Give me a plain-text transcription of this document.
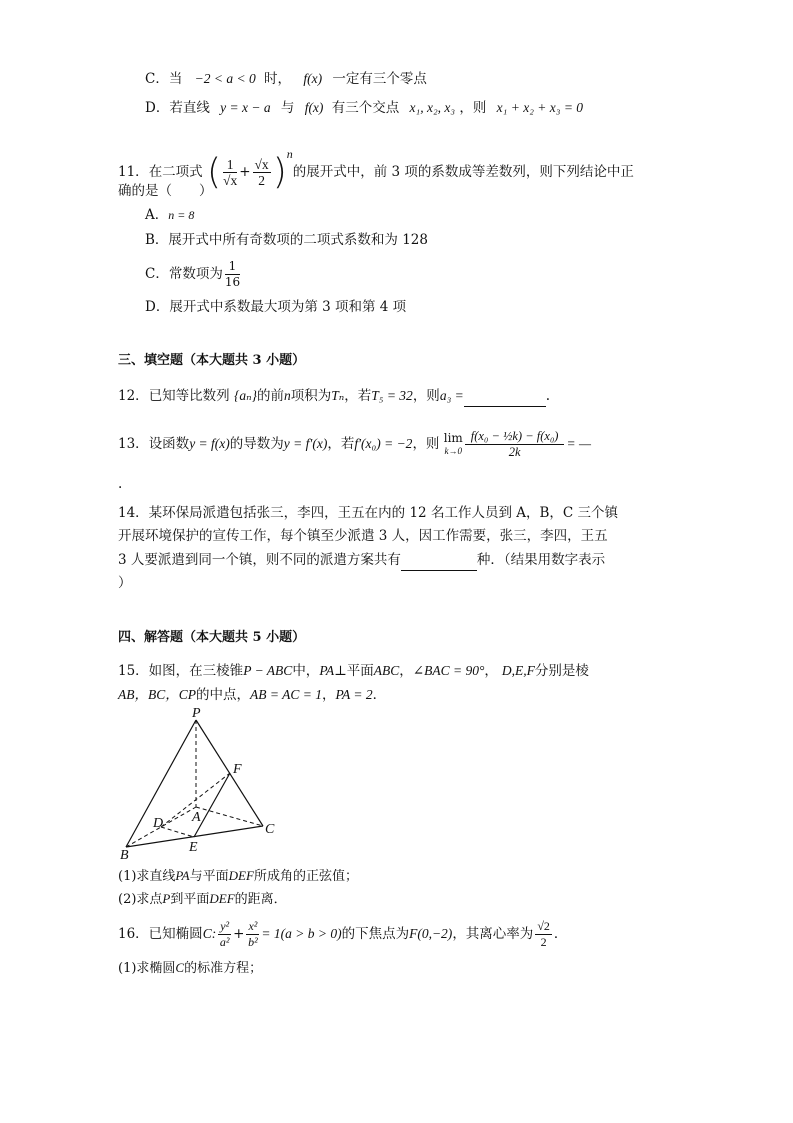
C．当 −2 < a < 0 时， f(x) 一定有三个零点
D．若直线 y = x − a 与 f(x) 有三个交点 x₁, x₂, x₃ ，则 x₁ + x₂ + x₃ = 0
11．在二项式 ( $\frac{1}{√x} + \frac{√x}{2} )^n$的展开式中，前 3 项的系数成等差数列，则下列结论中正
确的是（　　）
A．n = 8
B．展开式中所有奇数项的二项式系数和为 128
C．常数项为 $\frac{1}{16}$
D．展开式中系数最大项为第 3 项和第 4 项
三、填空题（本大题共 3 小题）
12．已知等比数列 {aₙ}的前n项积为Tₙ，若T₅ = 32，则a₃ =	.
13．设函数y = f(x)的导数为y = f′(x)，若f′(x₀) = −2，则 lim
$k\to 0 \frac{\text{f(x₀ − ½k) − f(x₀)}}{2k}$ = —
.
14．某环保局派遣包括张三，李四，王五在内的 12 名工作人员到 A，B，C 三个镇
开展环境保护的宣传工作，每个镇至少派遣 3 人，因工作需要，张三，李四，王五
3 人要派遣到同一个镇，则不同的派遣方案共有	种．（结果用数字表示
）
四、解答题（本大题共 5 小题）
15．如图，在三棱锥P − ABC中，PA⊥平面ABC，∠BAC = 90°， D,E,F分别是棱
AB，BC，CP的中点，AB = AC = 1，PA = 2．
P
F
D A
C
E
B
(1)求直线PA与平面DEF所成角的正弦值；
(2)求点P到平面DEF的距离．
16．已知椭圆C: $\frac{\text{y²}}{\text{a²}} + \frac{\text{x²}}{\text{b²}} = 1(a > b > 0)$的下焦点为F(0,−2)，其离心率为 $\frac{√2}{2}$ ．
(1)求椭圆C的标准方程；
